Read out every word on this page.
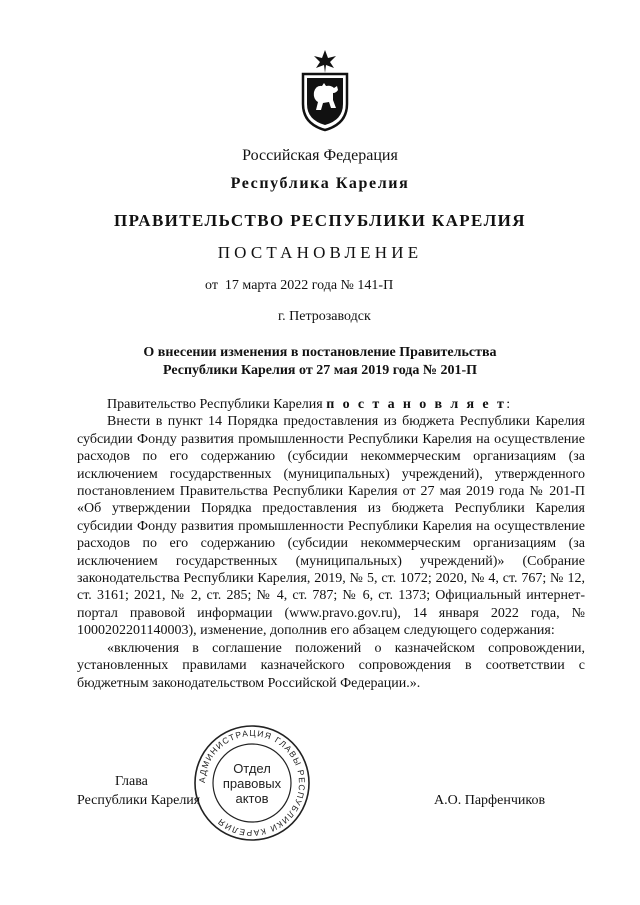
Российская Федерация
Республика Карелия
ПРАВИТЕЛЬСТВО РЕСПУБЛИКИ КАРЕЛИЯ
ПОСТАНОВЛЕНИЕ
от  17 марта 2022 года № 141-П
г. Петрозаводск
О внесении изменения в постановление Правительства
Республики Карелия от 27 мая 2019 года № 201-П

Правительство Республики Карелия п о с т а н о в л я е т:

Внести в пункт 14 Порядка предоставления из бюджета Республики Карелия субсидии Фонду развития промышленности Республики Карелия на осуществление расходов по его содержанию (субсидии некоммерческим организациям (за исключением государственных (муниципальных) учреждений), утвержденного постановлением Правительства Республики Карелия от 27 мая 2019 года № 201-П «Об утверждении Порядка предоставления из бюджета Республики Карелия субсидии Фонду развития промышленности Республики Карелия на осуществление расходов по его содержанию (субсидии некоммерческим организациям (за исключением государственных (муниципальных) учреждений)» (Собрание законодательства Республики Карелия, 2019, № 5, ст. 1072; 2020, № 4, ст. 767; № 12, ст. 3161; 2021, № 2, ст. 285; № 4, ст. 787; № 6, ст. 1373; Официальный интернет-портал правовой информации (www.pravo.gov.ru), 14 января 2022 года, № 1000202201140003), изменение, дополнив его абзацем следующего содержания:

«включения в соглашение положений о казначейском сопровождении, установленных правилами казначейского сопровождения в соответствии с бюджетным законодательством Российской Федерации.».

Глава
Республики Карелия	А.О. Парфенчиков
АДМИНИСТРАЦИЯ ГЛАВЫ РЕСПУБЛИКИ КАРЕЛИЯ
Отдел
правовых
актов
